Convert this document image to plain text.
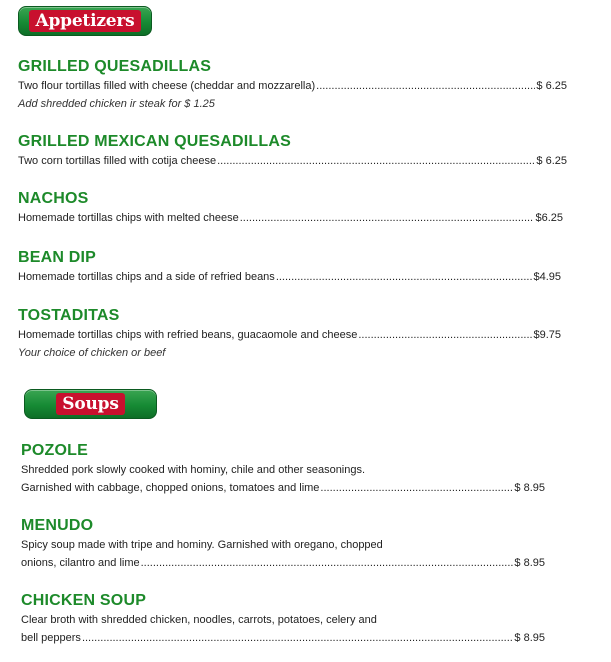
Appetizers
GRILLED QUESADILLAS
Two flour tortillas filled with cheese (cheddar and mozzarella) .....	$ 6.25
Add shredded chicken ir steak for $ 1.25
GRILLED MEXICAN QUESADILLAS
Two corn tortillas filled with cotija cheese .....	$ 6.25
NACHOS
Homemade tortillas chips with melted cheese .....	$6.25
BEAN DIP
Homemade tortillas chips and a side of refried beans .....	$4.95
TOSTADITAS
Homemade tortillas chips with refried beans, guacaomole and cheese .....	$9.75
Your choice of chicken or beef
Soups
POZOLE
Shredded pork slowly cooked with hominy, chile and other seasonings.
Garnished with cabbage, chopped onions, tomatoes and lime .....	$ 8.95
MENUDO
Spicy soup made with tripe and hominy. Garnished with oregano, chopped
onions, cilantro and lime .....	$ 8.95
CHICKEN SOUP
Clear broth with shredded chicken, noodles, carrots, potatoes, celery and
bell peppers .....	$ 8.95
